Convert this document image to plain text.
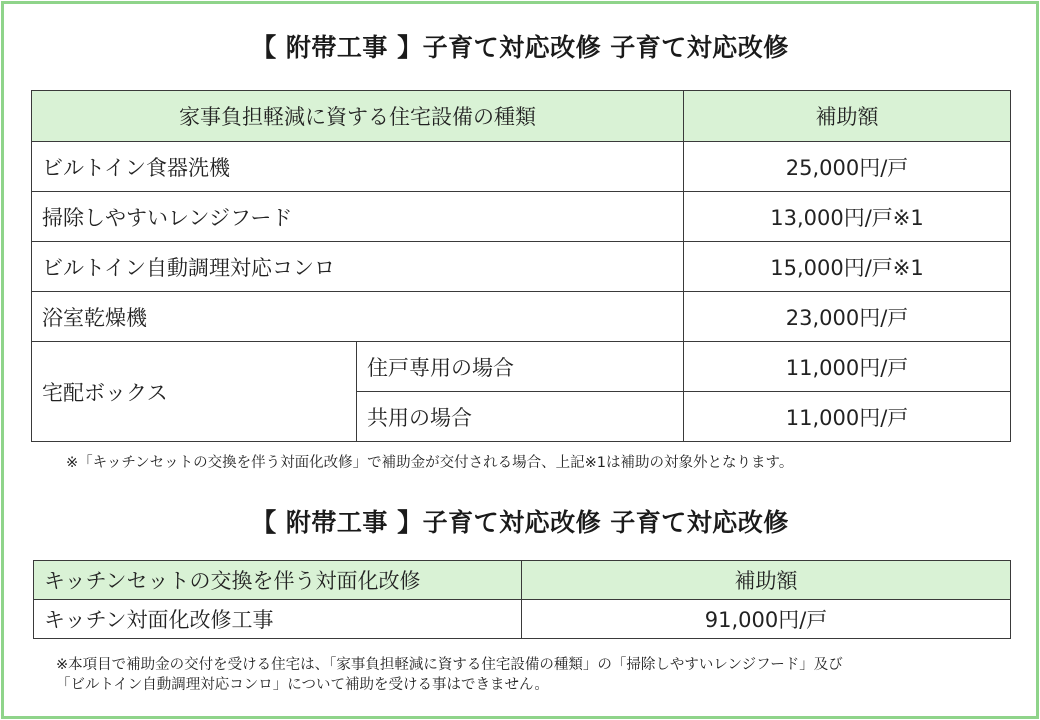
【 附帯工事 】子育て対応改修 子育て対応改修
家事負担軽減に資する住宅設備の種類		補助額
ビルトイン食器洗機		25,000円/戸
掃除しやすいレンジフード		13,000円/戸※1
ビルトイン自動調理対応コンロ		15,000円/戸※1
浴室乾燥機		23,000円/戸
宅配ボックス	住戸専用の場合	11,000円/戸
	共用の場合	11,000円/戸
※「キッチンセットの交換を伴う対面化改修」で補助金が交付される場合、上記※1は補助の対象外となります。
【 附帯工事 】子育て対応改修 子育て対応改修
キッチンセットの交換を伴う対面化改修	補助額
キッチン対面化改修工事	91,000円/戸
※本項目で補助金の交付を受ける住宅は、「家事負担軽減に資する住宅設備の種類」の「掃除しやすいレンジフード」及び
「ビルトイン自動調理対応コンロ」について補助を受ける事はできません。
